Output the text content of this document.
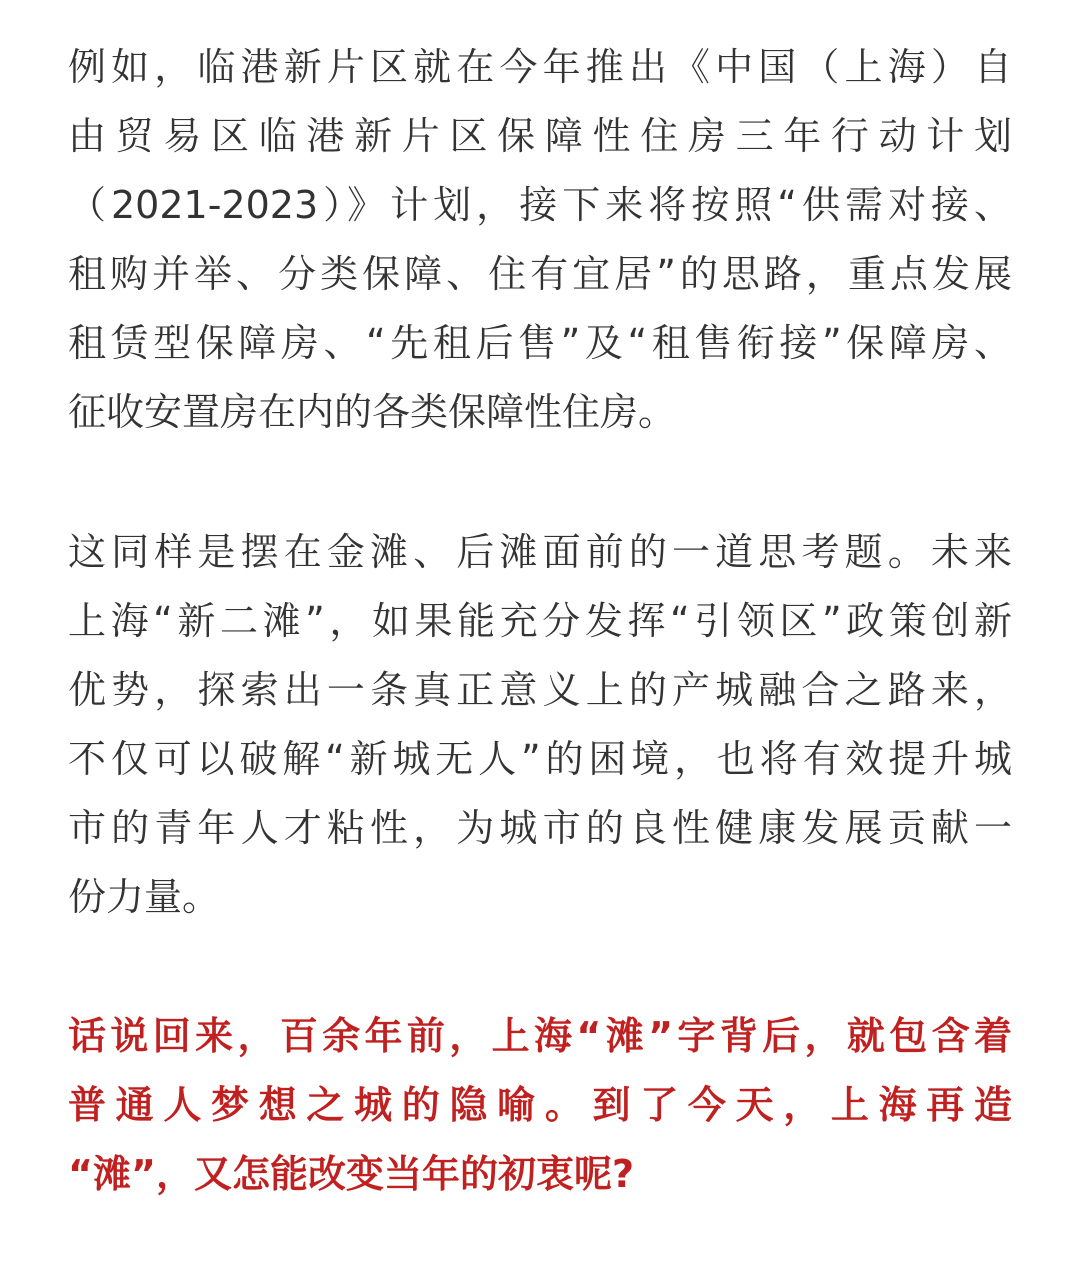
例如，临港新片区就在今年推出《中国（上海）自
由贸易区临港新片区保障性住房三年行动计划
（2021-2023）》计划，接下来将按照“供需对接、
租购并举、分类保障、住有宜居”的思路，重点发展
租赁型保障房、“先租后售”及“租售衔接”保障房、
征收安置房在内的各类保障性住房。
这同样是摆在金滩、后滩面前的一道思考题。未来
上海“新二滩”，如果能充分发挥“引领区”政策创新
优势，探索出一条真正意义上的产城融合之路来，
不仅可以破解“新城无人”的困境，也将有效提升城
市的青年人才粘性，为城市的良性健康发展贡献一
份力量。
话说回来，百余年前，上海“滩”字背后，就包含着
普通人梦想之城的隐喻。到了今天，上海再造
“滩”，又怎能改变当年的初衷呢?
